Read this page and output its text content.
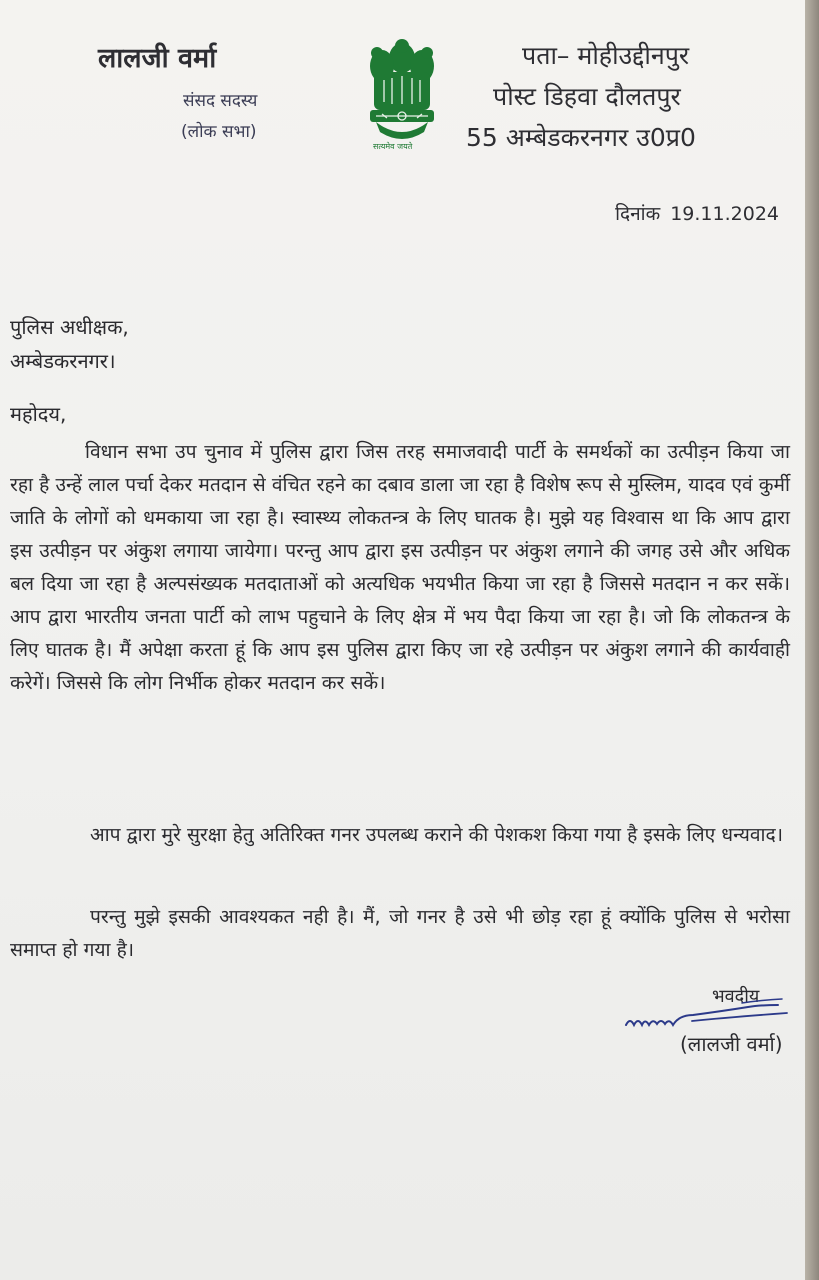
लालजी वर्मा
संसद सदस्य
(लोक सभा)
सत्यमेव जयते
पता– मोहीउद्दीनपुर
पोस्ट डिहवा दौलतपुर
55 अम्बेडकरनगर उ0प्र0
दिनांक 19.11.2024
पुलिस अधीक्षक,
अम्बेडकरनगर।
महोदय,
विधान सभा उप चुनाव में पुलिस द्वारा जिस तरह समाजवादी पार्टी के समर्थकों का उत्पीड़न किया जा रहा है उन्हें लाल पर्चा देकर मतदान से वंचित रहने का दबाव डाला जा रहा है विशेष रूप से मुस्लिम, यादव एवं कुर्मी जाति के लोगों को धमकाया जा रहा है। स्वास्थ्य लोकतन्त्र के लिए घातक है। मुझे यह विश्वास था कि आप द्वारा इस उत्पीड़न पर अंकुश लगाया जायेगा। परन्तु आप द्वारा इस उत्पीड़न पर अंकुश लगाने की जगह उसे और अधिक बल दिया जा रहा है अल्पसंख्यक मतदाताओं को अत्यधिक भयभीत किया जा रहा है जिससे मतदान न कर सकें। आप द्वारा भारतीय जनता पार्टी को लाभ पहुचाने के लिए क्षेत्र में भय पैदा किया जा रहा है। जो कि लोकतन्त्र के लिए घातक है। मैं अपेक्षा करता हूं कि आप इस पुलिस द्वारा किए जा रहे उत्पीड़न पर अंकुश लगाने की कार्यवाही करेगें। जिससे कि लोग निर्भीक होकर मतदान कर सकें।
आप द्वारा मुरे सुरक्षा हेतु अतिरिक्त गनर उपलब्ध कराने की पेशकश किया गया है इसके लिए धन्यवाद।
परन्तु मुझे इसकी आवश्यकत नही है। मैं, जो गनर है उसे भी छोड़ रहा हूं क्योंकि पुलिस से भरोसा समाप्त हो गया है।
भवदीय
(लालजी वर्मा)
